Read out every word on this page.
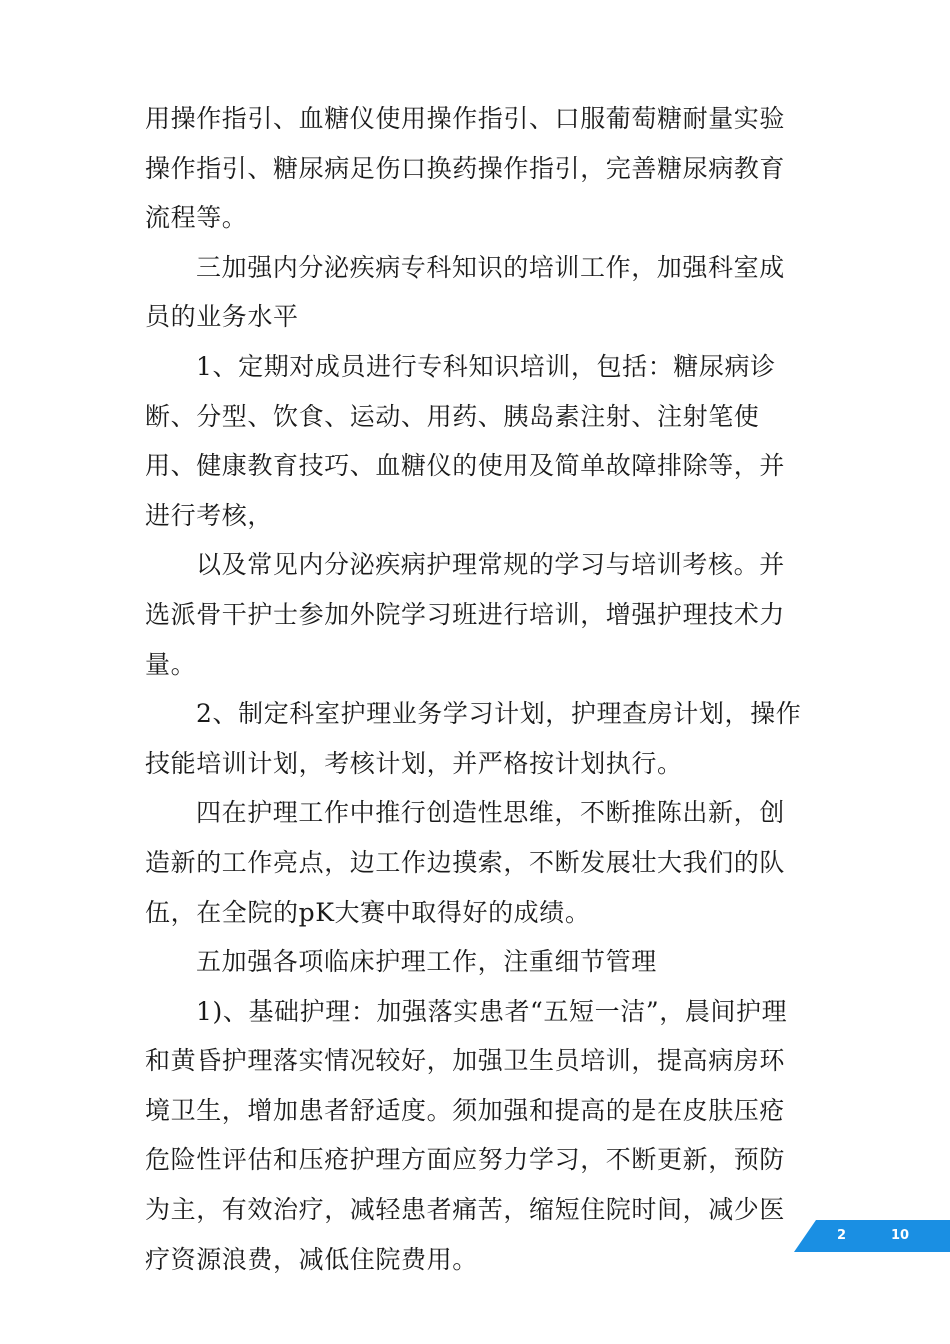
用操作指引、血糖仪使用操作指引、口服葡萄糖耐量实验操作指引、糖尿病足伤口换药操作指引，完善糖尿病教育流程等。

三加强内分泌疾病专科知识的培训工作，加强科室成员的业务水平

1、定期对成员进行专科知识培训，包括：糖尿病诊断、分型、饮食、运动、用药、胰岛素注射、注射笔使用、健康教育技巧、血糖仪的使用及简单故障排除等，并进行考核，

以及常见内分泌疾病护理常规的学习与培训考核。并选派骨干护士参加外院学习班进行培训，增强护理技术力量。

2、制定科室护理业务学习计划，护理查房计划，操作技能培训计划，考核计划，并严格按计划执行。

四在护理工作中推行创造性思维，不断推陈出新，创造新的工作亮点，边工作边摸索，不断发展壮大我们的队伍，在全院的pK大赛中取得好的成绩。

五加强各项临床护理工作，注重细节管理

1)、基础护理：加强落实患者“五短一洁”，晨间护理和黄昏护理落实情况较好，加强卫生员培训，提高病房环境卫生，增加患者舒适度。须加强和提高的是在皮肤压疮危险性评估和压疮护理方面应努力学习，不断更新，预防为主，有效治疗，减轻患者痛苦，缩短住院时间，减少医疗资源浪费，减低住院费用。

2	10
